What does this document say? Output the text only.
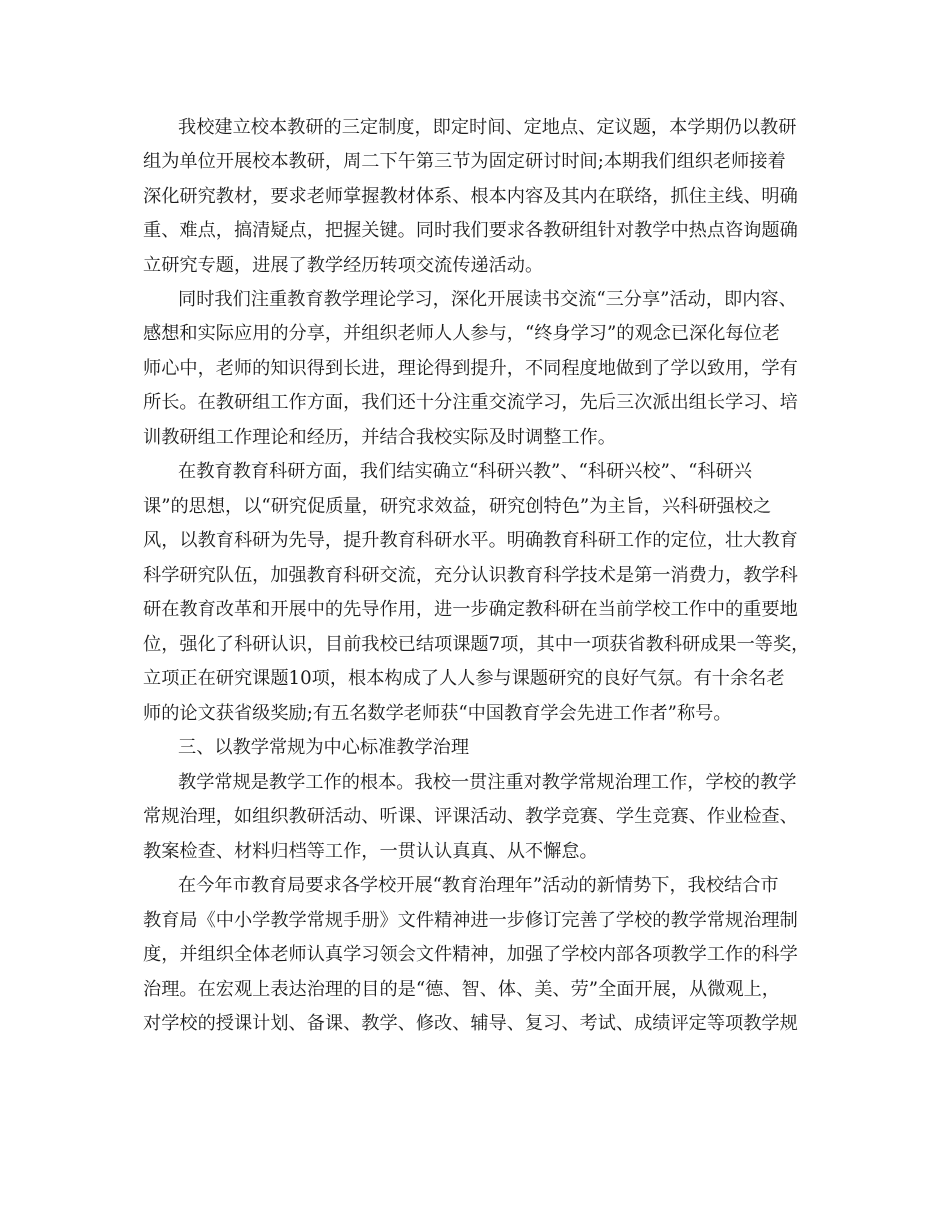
我校建立校本教研的三定制度，即定时间、定地点、定议题，本学期仍以教研

组为单位开展校本教研，周二下午第三节为固定研讨时间;本期我们组织老师接着

深化研究教材，要求老师掌握教材体系、根本内容及其内在联络，抓住主线、明确

重、难点，搞清疑点，把握关键。同时我们要求各教研组针对教学中热点咨询题确

立研究专题，进展了教学经历转项交流传递活动。

同时我们注重教育教学理论学习，深化开展读书交流“三分享”活动，即内容、

感想和实际应用的分享，并组织老师人人参与，“终身学习”的观念已深化每位老

师心中，老师的知识得到长进，理论得到提升，不同程度地做到了学以致用，学有

所长。在教研组工作方面，我们还十分注重交流学习，先后三次派出组长学习、培

训教研组工作理论和经历，并结合我校实际及时调整工作。

在教育教育科研方面，我们结实确立“科研兴教”、“科研兴校”、“科研兴

课”的思想，以“研究促质量，研究求效益，研究创特色”为主旨，兴科研强校之

风，以教育科研为先导，提升教育科研水平。明确教育科研工作的定位，壮大教育

科学研究队伍，加强教育科研交流，充分认识教育科学技术是第一消费力，教学科

研在教育改革和开展中的先导作用，进一步确定教科研在当前学校工作中的重要地

位，强化了科研认识，目前我校已结项课题7项，其中一项获省教科研成果一等奖，

立项正在研究课题10项，根本构成了人人参与课题研究的良好气氛。有十余名老

师的论文获省级奖励;有五名数学老师获“中国教育学会先进工作者”称号。

三、以教学常规为中心标准教学治理

教学常规是教学工作的根本。我校一贯注重对教学常规治理工作，学校的教学

常规治理，如组织教研活动、听课、评课活动、教学竞赛、学生竞赛、作业检查、

教案检查、材料归档等工作，一贯认认真真、从不懈怠。

在今年市教育局要求各学校开展“教育治理年”活动的新情势下，我校结合市

教育局《中小学教学常规手册》文件精神进一步修订完善了学校的教学常规治理制

度，并组织全体老师认真学习领会文件精神，加强了学校内部各项教学工作的科学

治理。在宏观上表达治理的目的是“德、智、体、美、劳”全面开展，从微观上，

对学校的授课计划、备课、教学、修改、辅导、复习、考试、成绩评定等项教学规
